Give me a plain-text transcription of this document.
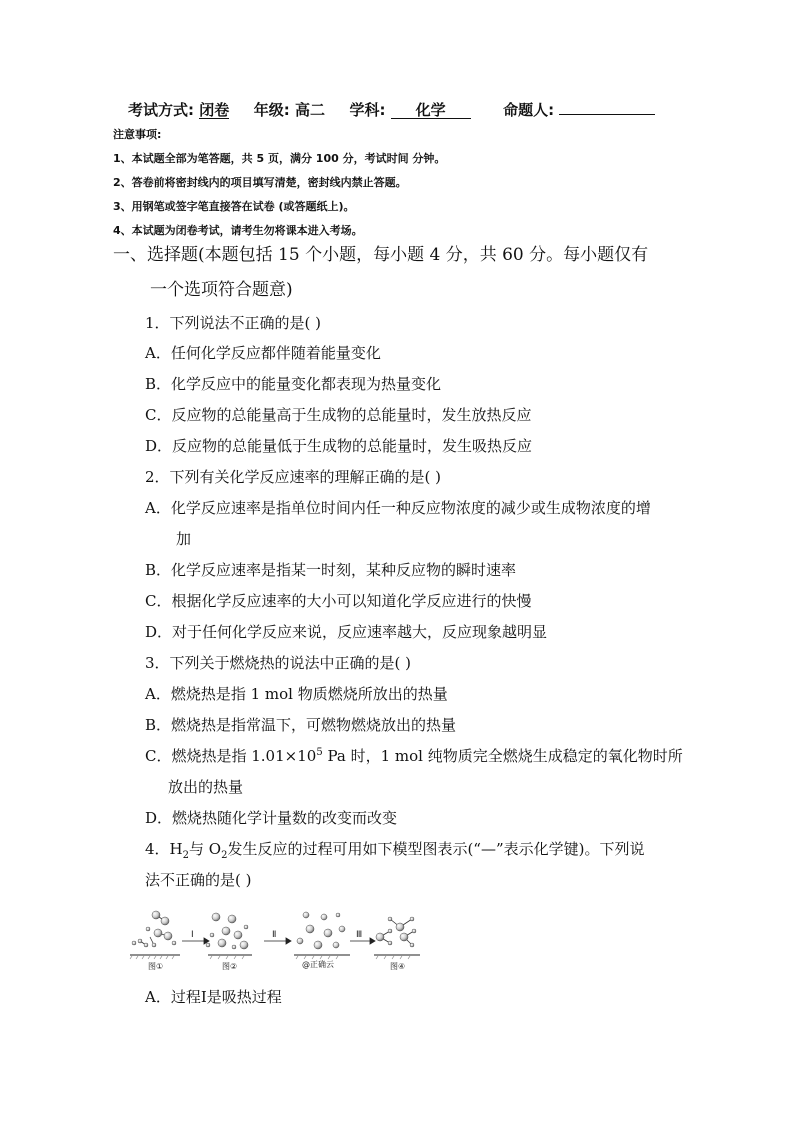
考试方式: 闭卷 年级: 高二 学科: 化学	命题人:
注意事项:
1、本试题全部为笔答题，共 5 页，满分 100 分，考试时间 分钟。
2、答卷前将密封线内的项目填写清楚，密封线内禁止答题。
3、用钢笔或签字笔直接答在试卷 (或答题纸上)。
4、本试题为闭卷考试，请考生勿将课本进入考场。
一、选择题(本题包括 15 个小题，每小题 4 分，共 60 分。每小题仅有
一个选项符合题意)
1．下列说法不正确的是( )
A．任何化学反应都伴随着能量变化
B．化学反应中的能量变化都表现为热量变化
C．反应物的总能量高于生成物的总能量时，发生放热反应
D．反应物的总能量低于生成物的总能量时，发生吸热反应
2．下列有关化学反应速率的理解正确的是( )
A．化学反应速率是指单位时间内任一种反应物浓度的减少或生成物浓度的增
加
B．化学反应速率是指某一时刻，某种反应物的瞬时速率
C．根据化学反应速率的大小可以知道化学反应进行的快慢
D．对于任何化学反应来说，反应速率越大，反应现象越明显
3．下列关于燃烧热的说法中正确的是( )
A．燃烧热是指 1 mol 物质燃烧所放出的热量
B．燃烧热是指常温下，可燃物燃烧放出的热量
C．燃烧热是指 $1.01\times 10^5$ Pa 时，1 mol 纯物质完全燃烧生成稳定的氧化物时所
放出的热量
D．燃烧热随化学计量数的改变而改变
4．$H_2$与 $O_2$发生反应的过程可用如下模型图表示(“—”表示化学键)。下列说
法不正确的是( )
Ⅰ	Ⅱ	Ⅲ
图①	图②	@正确云	图④
A．过程Ⅰ是吸热过程
